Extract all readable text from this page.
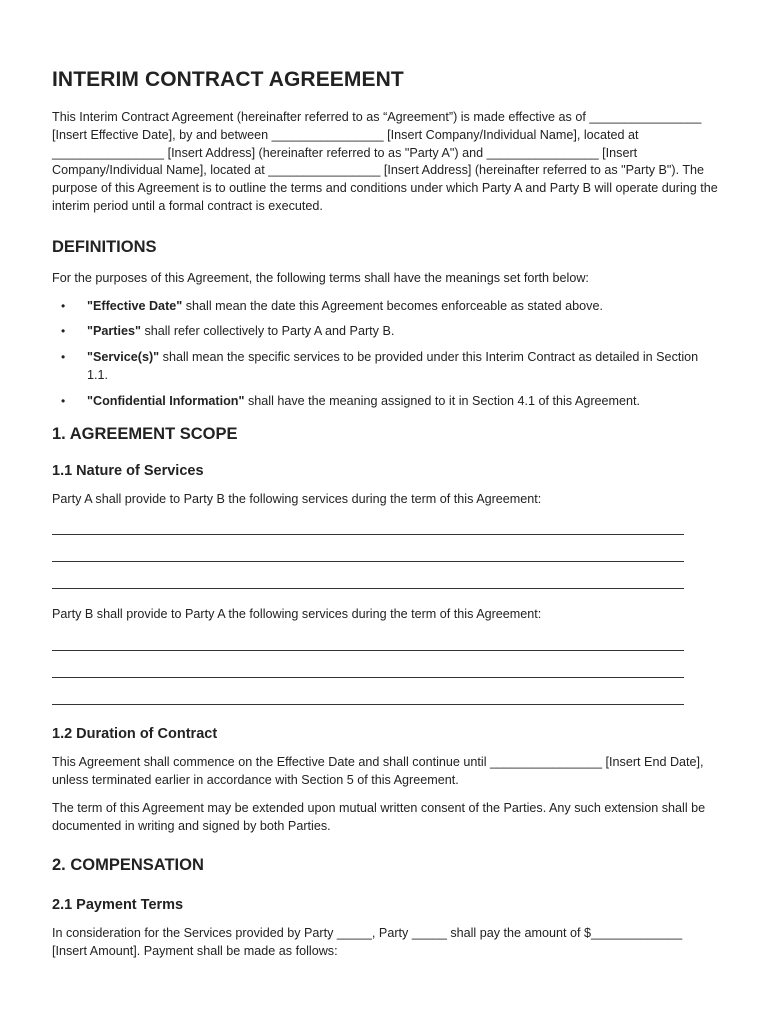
INTERIM CONTRACT AGREEMENT

This Interim Contract Agreement (hereinafter referred to as “Agreement”) is made effective as of ________________ [Insert Effective Date], by and between ________________ [Insert Company/Individual Name], located at ________________ [Insert Address] (hereinafter referred to as "Party A") and ________________ [Insert Company/Individual Name], located at ________________ [Insert Address] (hereinafter referred to as "Party B"). The purpose of this Agreement is to outline the terms and conditions under which Party A and Party B will operate during the interim period until a formal contract is executed.

DEFINITIONS

For the purposes of this Agreement, the following terms shall have the meanings set forth below:

• "Effective Date" shall mean the date this Agreement becomes enforceable as stated above.
• "Parties" shall refer collectively to Party A and Party B.
• "Service(s)" shall mean the specific services to be provided under this Interim Contract as detailed in Section 1.1.
• "Confidential Information" shall have the meaning assigned to it in Section 4.1 of this Agreement.
1. AGREEMENT SCOPE
1.1 Nature of Services

Party A shall provide to Party B the following services during the term of this Agreement:

Party B shall provide to Party A the following services during the term of this Agreement:

1.2 Duration of Contract

This Agreement shall commence on the Effective Date and shall continue until ________________ [Insert End Date], unless terminated earlier in accordance with Section 5 of this Agreement.

The term of this Agreement may be extended upon mutual written consent of the Parties. Any such extension shall be documented in writing and signed by both Parties.

2. COMPENSATION
2.1 Payment Terms

In consideration for the Services provided by Party _____, Party _____ shall pay the amount of $_____________ [Insert Amount]. Payment shall be made as follows:
